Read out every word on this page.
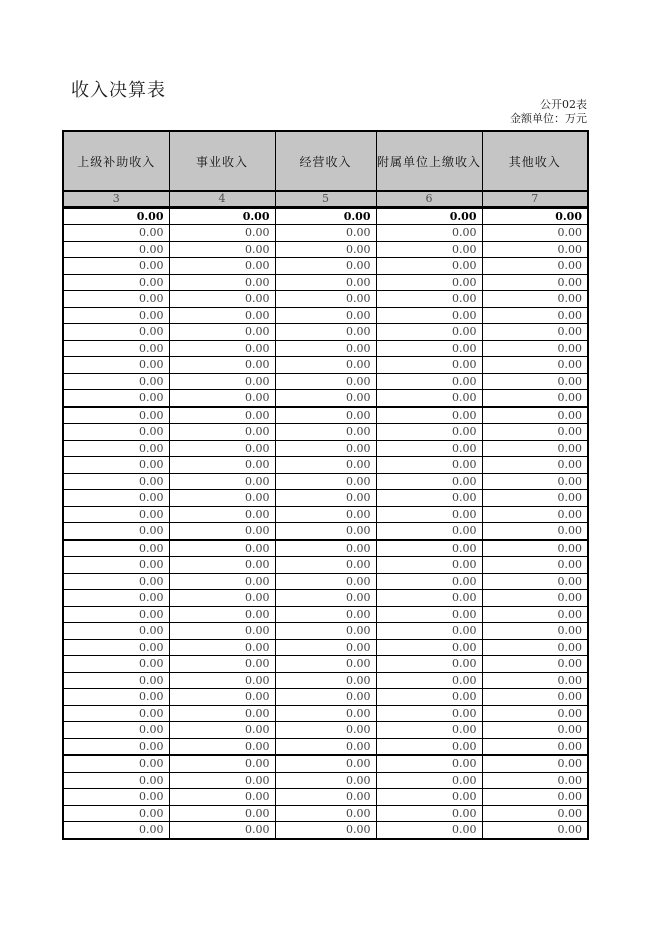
收入决算表
公开02表
金额单位：万元
上级补助收入	事业收入	经营收入	附属单位上缴收入	其他收入
3	4	5	6	7
0.00	0.00	0.00	0.00	0.00
0.00	0.00	0.00	0.00	0.00
0.00	0.00	0.00	0.00	0.00
0.00	0.00	0.00	0.00	0.00
0.00	0.00	0.00	0.00	0.00
0.00	0.00	0.00	0.00	0.00
0.00	0.00	0.00	0.00	0.00
0.00	0.00	0.00	0.00	0.00
0.00	0.00	0.00	0.00	0.00
0.00	0.00	0.00	0.00	0.00
0.00	0.00	0.00	0.00	0.00
0.00	0.00	0.00	0.00	0.00
0.00	0.00	0.00	0.00	0.00
0.00	0.00	0.00	0.00	0.00
0.00	0.00	0.00	0.00	0.00
0.00	0.00	0.00	0.00	0.00
0.00	0.00	0.00	0.00	0.00
0.00	0.00	0.00	0.00	0.00
0.00	0.00	0.00	0.00	0.00
0.00	0.00	0.00	0.00	0.00
0.00	0.00	0.00	0.00	0.00
0.00	0.00	0.00	0.00	0.00
0.00	0.00	0.00	0.00	0.00
0.00	0.00	0.00	0.00	0.00
0.00	0.00	0.00	0.00	0.00
0.00	0.00	0.00	0.00	0.00
0.00	0.00	0.00	0.00	0.00
0.00	0.00	0.00	0.00	0.00
0.00	0.00	0.00	0.00	0.00
0.00	0.00	0.00	0.00	0.00
0.00	0.00	0.00	0.00	0.00
0.00	0.00	0.00	0.00	0.00
0.00	0.00	0.00	0.00	0.00
0.00	0.00	0.00	0.00	0.00
0.00	0.00	0.00	0.00	0.00
0.00	0.00	0.00	0.00	0.00
0.00	0.00	0.00	0.00	0.00
0.00	0.00	0.00	0.00	0.00
